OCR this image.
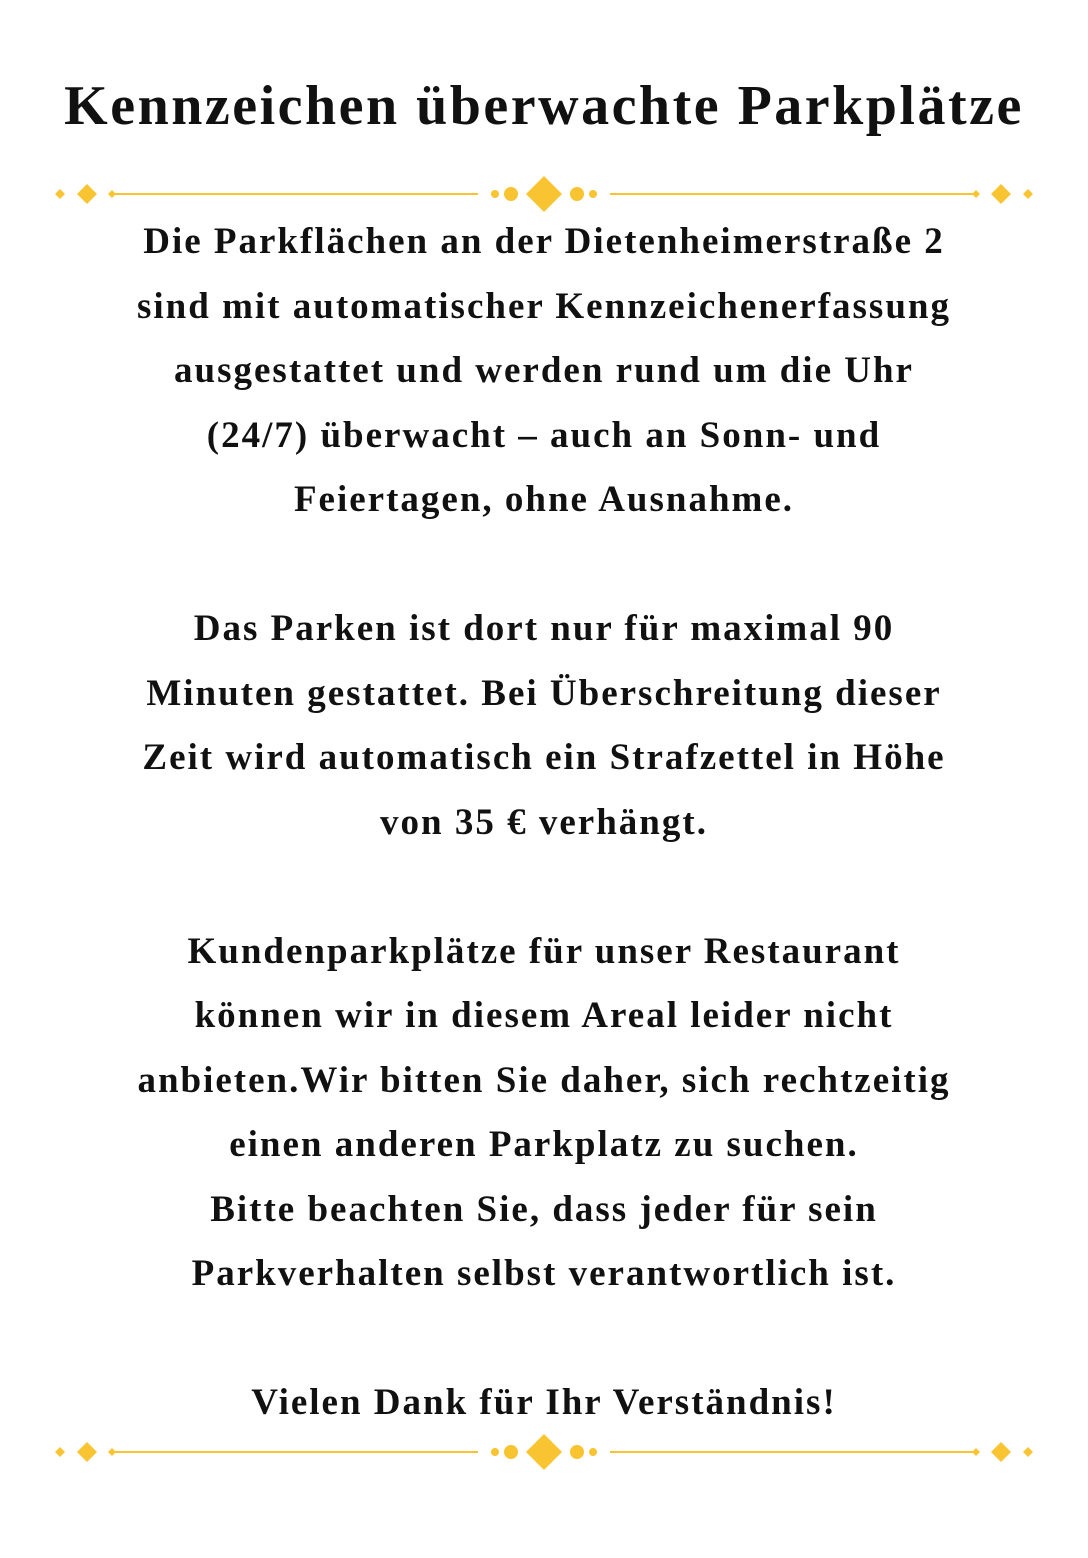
Kennzeichen überwachte Parkplätze
Die Parkflächen an der Dietenheimerstraße 2
sind mit automatischer Kennzeichenerfassung
ausgestattet und werden rund um die Uhr
(24/7) überwacht – auch an Sonn- und
Feiertagen, ohne Ausnahme.
Das Parken ist dort nur für maximal 90
Minuten gestattet. Bei Überschreitung dieser
Zeit wird automatisch ein Strafzettel in Höhe
von 35 € verhängt.
Kundenparkplätze für unser Restaurant
können wir in diesem Areal leider nicht
anbieten.Wir bitten Sie daher, sich rechtzeitig
einen anderen Parkplatz zu suchen.
Bitte beachten Sie, dass jeder für sein
Parkverhalten selbst verantwortlich ist.
Vielen Dank für Ihr Verständnis!
